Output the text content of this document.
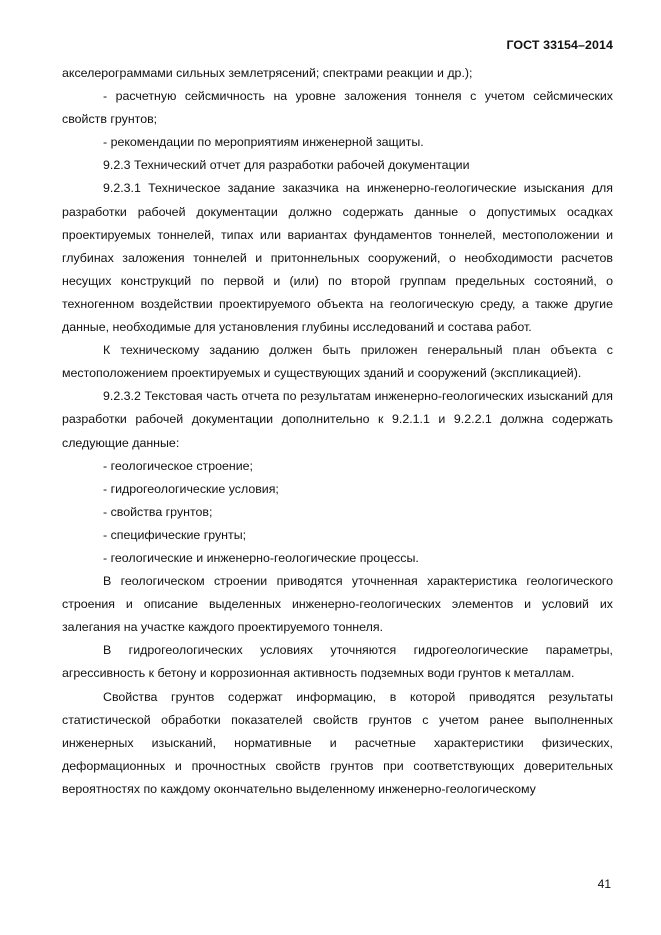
ГОСТ 33154–2014

акселерограммами сильных землетрясений; спектрами реакции и др.);

- расчетную сейсмичность на уровне заложения тоннеля с учетом сейсмических свойств грунтов;

- рекомендации по мероприятиям инженерной защиты.

9.2.3 Технический отчет для разработки рабочей документации

9.2.3.1 Техническое задание заказчика на инженерно-геологические изыскания для разработки рабочей документации должно содержать данные о допустимых осадках проектируемых тоннелей, типах или вариантах фундаментов тоннелей, местоположении и глубинах заложения тоннелей и притоннельных сооружений, о необходимости расчетов несущих конструкций по первой и (или) по второй группам предельных состояний, о техногенном воздействии проектируемого объекта на геологическую среду, а также другие данные, необходимые для установления глубины исследований и состава работ.

К техническому заданию должен быть приложен генеральный план объекта с местоположением проектируемых и существующих зданий и сооружений (экспликацией).

9.2.3.2 Текстовая часть отчета по результатам инженерно-геологических изысканий для разработки рабочей документации дополнительно к 9.2.1.1 и 9.2.2.1 должна содержать следующие данные:

- геологическое строение;

- гидрогеологические условия;

- свойства грунтов;

- специфические грунты;

- геологические и инженерно-геологические процессы.

В геологическом строении приводятся уточненная характеристика геологического строения и описание выделенных инженерно-геологических элементов и условий их залегания на участке каждого проектируемого тоннеля.

В гидрогеологических условиях уточняются гидрогеологические параметры, агрессивность к бетону и коррозионная активность подземных води грунтов к металлам.

Свойства грунтов содержат информацию, в которой приводятся результаты статистической обработки показателей свойств грунтов с учетом ранее выполненных инженерных изысканий, нормативные и расчетные характеристики физических, деформационных и прочностных свойств грунтов при соответствующих доверительных вероятностях по каждому окончательно выделенному инженерно-геологическому

41
